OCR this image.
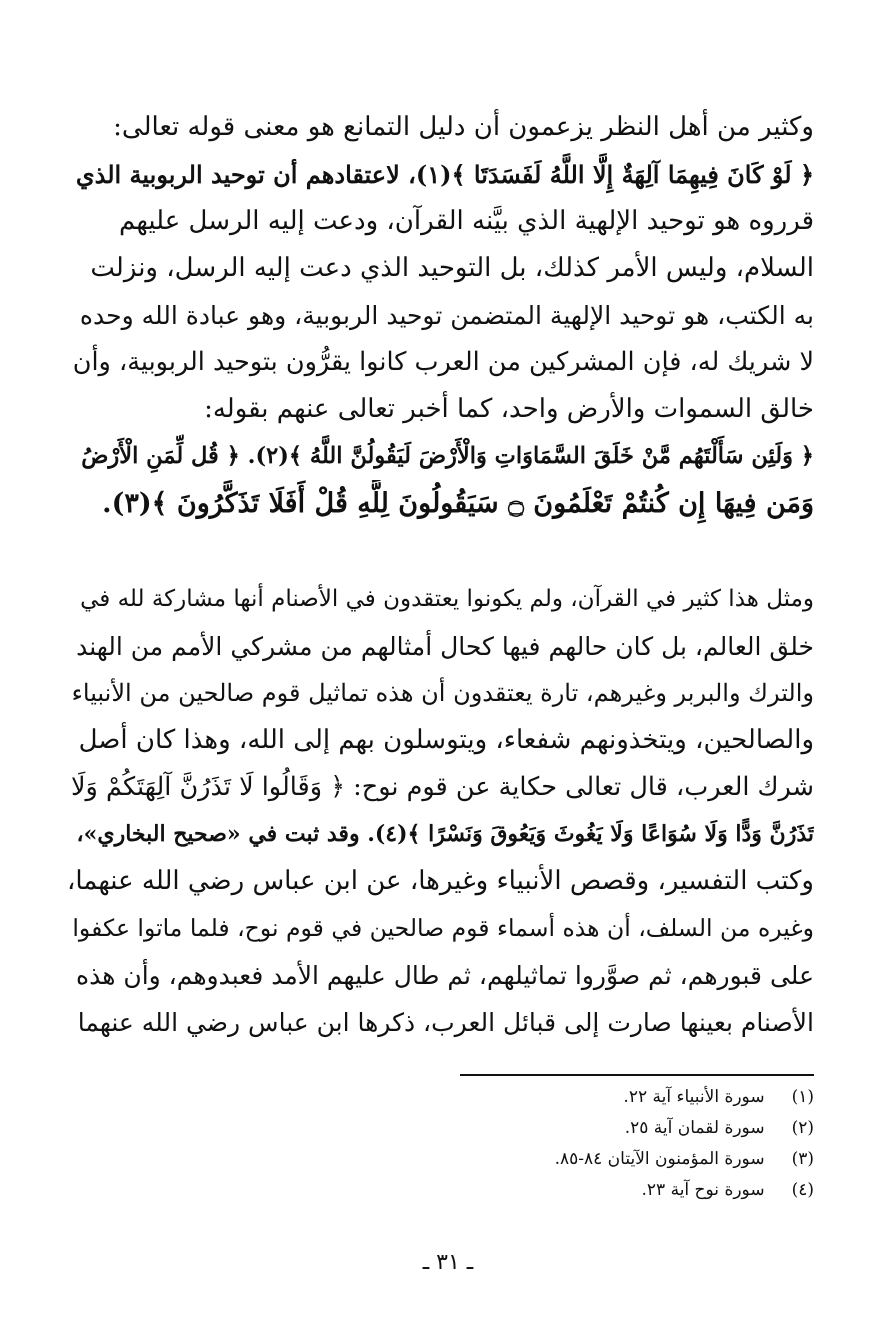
وكثير من أهل النظر يزعمون أن دليل التمانع هو معنى قوله تعالى:
﴿ لَوْ كَانَ فِيهِمَا آلِهَةٌ إِلَّا اللَّهُ لَفَسَدَتَا ﴾(١)، لاعتقادهم أن توحيد الربوبية الذي
قرروه هو توحيد الإلهية الذي بيَّنه القرآن، ودعت إليه الرسل عليهم
السلام، وليس الأمر كذلك، بل التوحيد الذي دعت إليه الرسل، ونزلت
به الكتب، هو توحيد الإلهية المتضمن توحيد الربوبية، وهو عبادة الله وحده
لا شريك له، فإن المشركين من العرب كانوا يقرُّون بتوحيد الربوبية، وأن
خالق السموات والأرض واحد، كما أخبر تعالى عنهم بقوله:
﴿ وَلَئِن سَأَلْتَهُم مَّنْ خَلَقَ السَّمَاوَاتِ وَالْأَرْضَ لَيَقُولُنَّ اللَّهُ ﴾(٢). ﴿ قُل لِّمَنِ الْأَرْضُ
وَمَن فِيهَا إِن كُنتُمْ تَعْلَمُونَ ۝ سَيَقُولُونَ لِلَّهِ قُلْ أَفَلَا تَذَكَّرُونَ ﴾(٣).
ومثل هذا كثير في القرآن، ولم يكونوا يعتقدون في الأصنام أنها مشاركة لله في
خلق العالم، بل كان حالهم فيها كحال أمثالهم من مشركي الأمم من الهند
والترك والبربر وغيرهم، تارة يعتقدون أن هذه تماثيل قوم صالحين من الأنبياء
والصالحين، ويتخذونهم شفعاء، ويتوسلون بهم إلى الله، وهذا كان أصل
شرك العرب، قال تعالى حكاية عن قوم نوح: ﴿ وَقَالُوا لَا تَذَرُنَّ آلِهَتَكُمْ وَلَا
تَذَرُنَّ وَدًّا وَلَا سُوَاعًا وَلَا يَغُوثَ وَيَعُوقَ وَنَسْرًا ﴾(٤). وقد ثبت في «صحيح البخاري»،
وكتب التفسير، وقصص الأنبياء وغيرها، عن ابن عباس رضي الله عنهما،
وغيره من السلف، أن هذه أسماء قوم صالحين في قوم نوح، فلما ماتوا عكفوا
على قبورهم، ثم صوَّروا تماثيلهم، ثم طال عليهم الأمد فعبدوهم، وأن هذه
الأصنام بعينها صارت إلى قبائل العرب، ذكرها ابن عباس رضي الله عنهما
(١) سورة الأنبياء آية ٢٢.
(٢) سورة لقمان آية ٢٥.
(٣) سورة المؤمنون الآيتان ٨٤-٨٥.
(٤) سورة نوح آية ٢٣.
ـ ٣١ ـ
